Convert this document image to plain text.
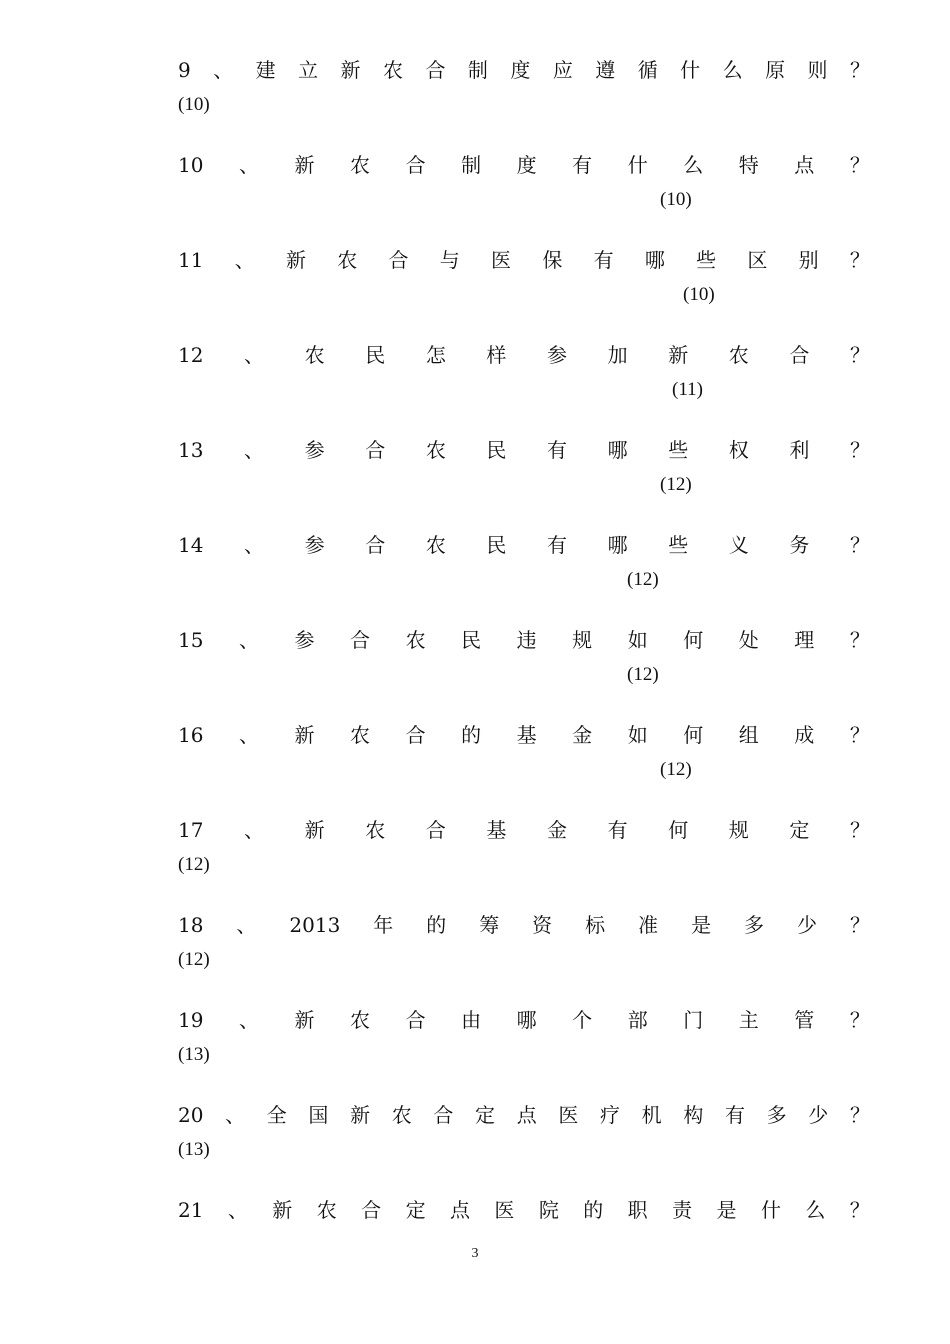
9 、 建 立 新 农 合 制 度 应 遵 循 什 么 原 则 ？
(10)
10 、 新 农 合 制 度 有 什 么 特 点 ？
(10)
11 、 新 农 合 与 医 保 有 哪 些 区 别 ？
(10)
12 、 农 民 怎 样 参 加 新 农 合 ？
(11)
13 、 参 合 农 民 有 哪 些 权 利 ？
(12)
14 、 参 合 农 民 有 哪 些 义 务 ？
(12)
15 、 参 合 农 民 违 规 如 何 处 理 ？
(12)
16 、 新 农 合 的 基 金 如 何 组 成 ？
(12)
17 、 新 农 合 基 金 有 何 规 定 ？
(12)
18 、 2013 年 的 筹 资 标 准 是 多 少 ？
(12)
19 、 新 农 合 由 哪 个 部 门 主 管 ？
(13)
20 、 全 国 新 农 合 定 点 医 疗 机 构 有 多 少 ？
(13)
21 、 新 农 合 定 点 医 院 的 职 责 是 什 么 ？
3
